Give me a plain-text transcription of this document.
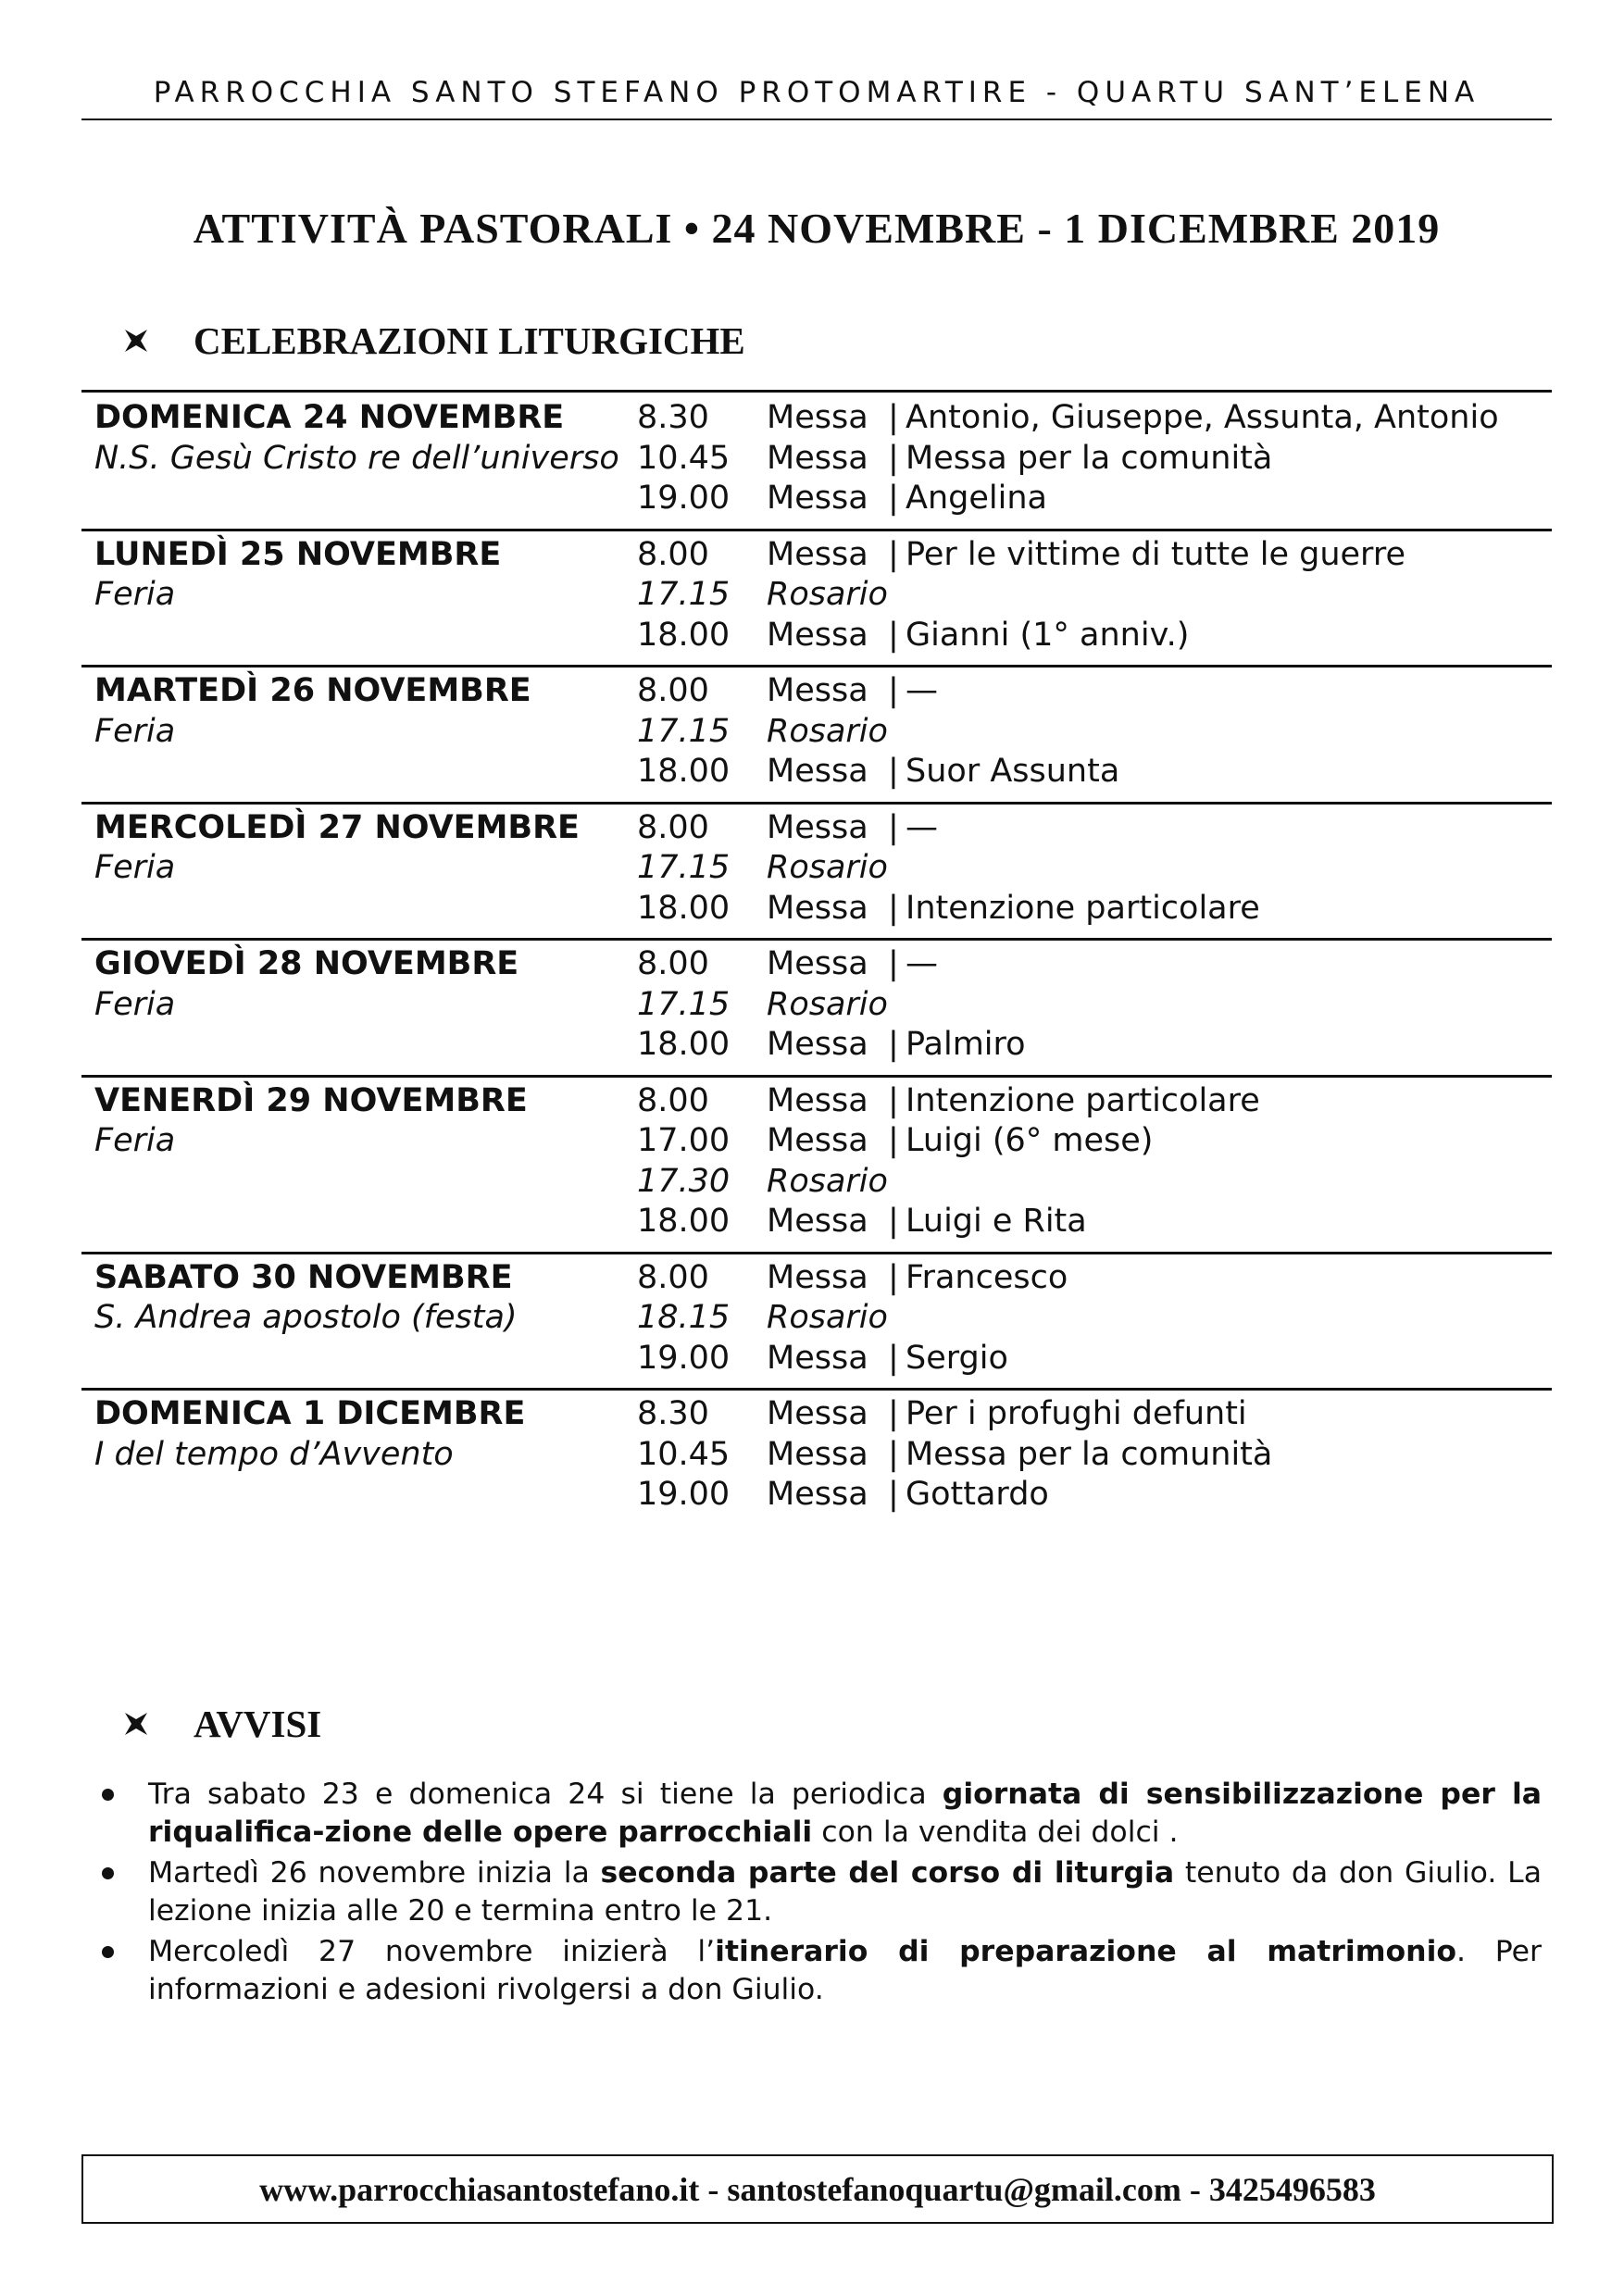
PARROCCHIA SANTO STEFANO PROTOMARTIRE - QUARTU SANT’ELENA
ATTIVITÀ PASTORALI • 24 NOVEMBRE - 1 DICEMBRE 2019
CELEBRAZIONI LITURGICHE
DOMENICA 24 NOVEMBRE 8.30 Messa | Antonio, Giuseppe, Assunta, Antonio
N.S. Gesù Cristo re dell’universo 10.45 Messa | Messa per la comunità
19.00 Messa | Angelina
LUNEDÌ 25 NOVEMBRE	8.00 Messa | Per le vittime di tutte le guerre
Feria	17.15 Rosario
18.00 Messa | Gianni (1° anniv.)
MARTEDÌ 26 NOVEMBRE	8.00 Messa | —
Feria	17.15 Rosario
18.00 Messa | Suor Assunta
MERCOLEDÌ 27 NOVEMBRE 8.00 Messa | —
Feria	17.15 Rosario
18.00 Messa | Intenzione particolare
GIOVEDÌ 28 NOVEMBRE	8.00 Messa | —
Feria	17.15 Rosario
18.00 Messa | Palmiro
VENERDÌ 29 NOVEMBRE	8.00 Messa | Intenzione particolare
Feria	17.00 Messa | Luigi (6° mese)
17.30 Rosario
18.00 Messa | Luigi e Rita
SABATO 30 NOVEMBRE	8.00 Messa | Francesco
S. Andrea apostolo (festa)	18.15 Rosario
19.00 Messa | Sergio
DOMENICA 1 DICEMBRE	8.30 Messa | Per i profughi defunti
I del tempo d’Avvento	10.45 Messa | Messa per la comunità
19.00 Messa | Gottardo
AVVISI
Tra sabato 23 e domenica 24 si tiene la periodica giornata di sensibilizzazione per la riqualifica-zione delle opere parrocchiali con la vendita dei dolci .
Martedì 26 novembre inizia la seconda parte del corso di liturgia tenuto da don Giulio. La lezione inizia alle 20 e termina entro le 21.
Mercoledì 27 novembre inizierà l’itinerario di preparazione al matrimonio. Per informazioni e adesioni rivolgersi a don Giulio.
www.parrocchiasantostefano.it - santostefanoquartu@gmail.com - 3425496583
